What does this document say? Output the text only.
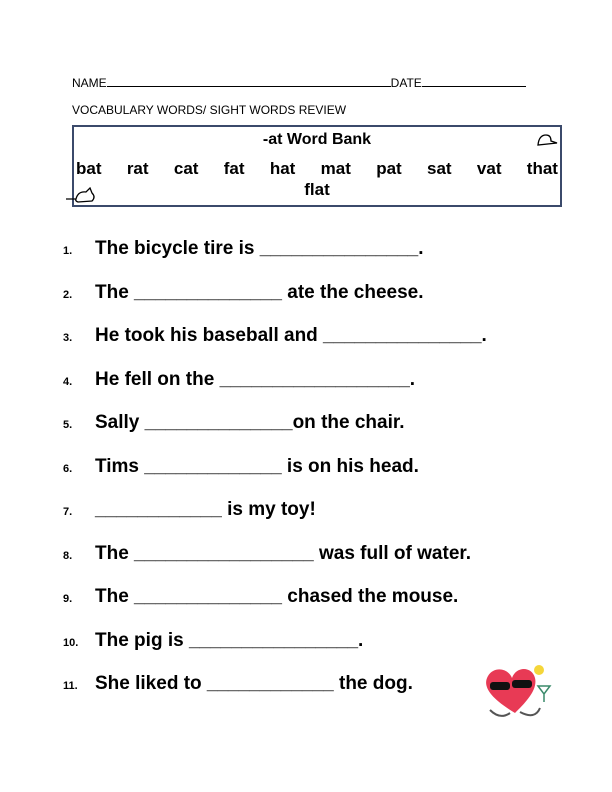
NAME	DATE
VOCABULARY WORDS/ SIGHT WORDS REVIEW
-at Word Bank
bat rat cat fat hat mat pat sat vat that
flat
1. The bicycle tire is _______________.
2. The ______________ ate the cheese.
3. He took his baseball and _______________.
4. He fell on the __________________.
5. Sally ______________on the chair.
6. Tims _____________ is on his head.
7. ____________ is my toy!
8. The _________________ was full of water.
9. The ______________ chased the mouse.
10. The pig is ________________.
11. She liked to ____________ the dog.
